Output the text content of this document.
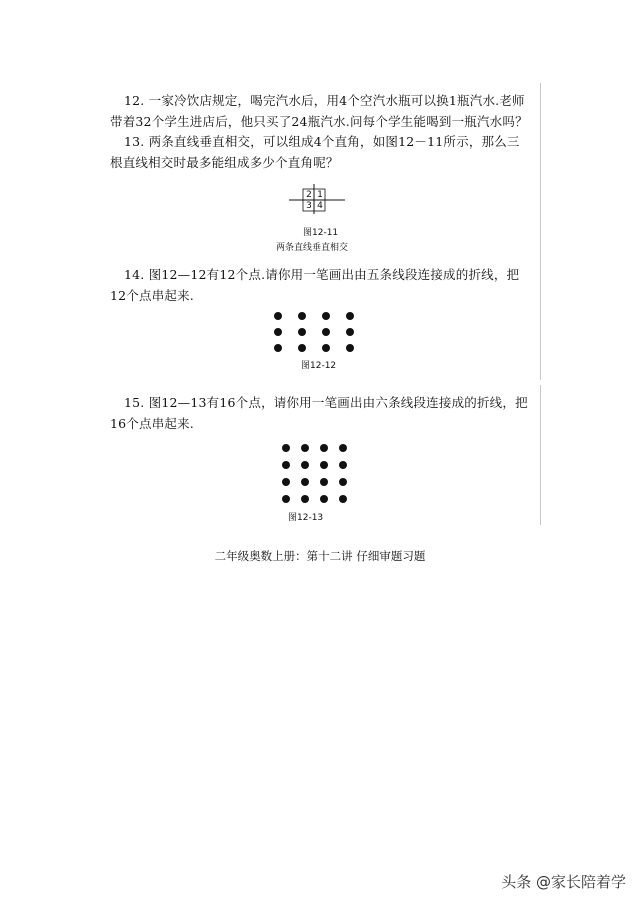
12. 一家冷饮店规定，喝完汽水后，用4个空汽水瓶可以换1瓶汽水.老师带着32个学生进店后，他只买了24瓶汽水.问每个学生能喝到一瓶汽水吗？
13. 两条直线垂直相交，可以组成4个直角，如图12－11所示，那么三根直线相交时最多能组成多少个直角呢？
2 1
3 4
图12-11
两条直线垂直相交
14. 图12—12有12个点.请你用一笔画出由五条线段连接成的折线，把12个点串起来.
图12-12
15. 图12—13有16个点，请你用一笔画出由六条线段连接成的折线，把16个点串起来.
图12-13
二年级奥数上册：第十二讲 仔细审题习题
头条 @家长陪着学
